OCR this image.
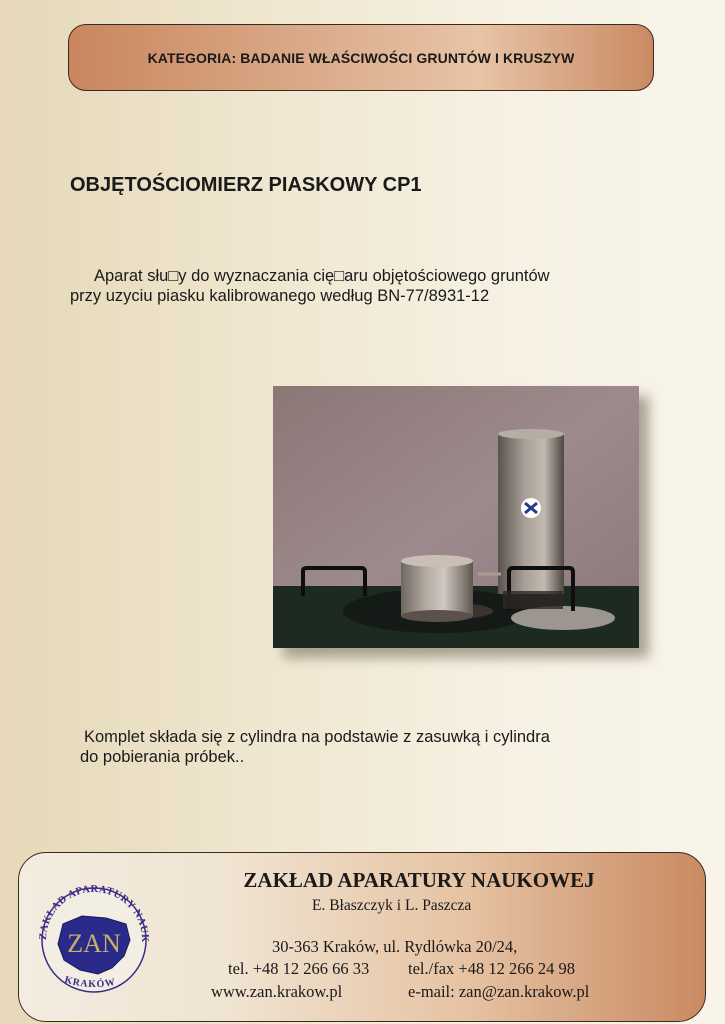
KATEGORIA: BADANIE WŁAŚCIWOŚCI GRUNTÓW I KRUSZYW
OBJĘTOŚCIOMIERZ PIASKOWY CP1
Aparat słu□y do wyznaczania cię□aru objętościowego gruntów
przy uzyciu piasku kalibrowanego według BN-77/8931-12
Komplet składa się z cylindra na podstawie z zasuwką i cylindra
do pobierania próbek..
ZAKŁAD APARATURY NAUK
ZAN
KRAKÓW
ZAKŁAD APARATURY NAUKOWEJ
E. Błaszczyk i L. Paszcza
30-363 Kraków, ul. Rydlówka 20/24,
tel. +48 12 266 66 33 tel./fax +48 12 266 24 98
www.zan.krakow.pl	e-mail: zan@zan.krakow.pl
